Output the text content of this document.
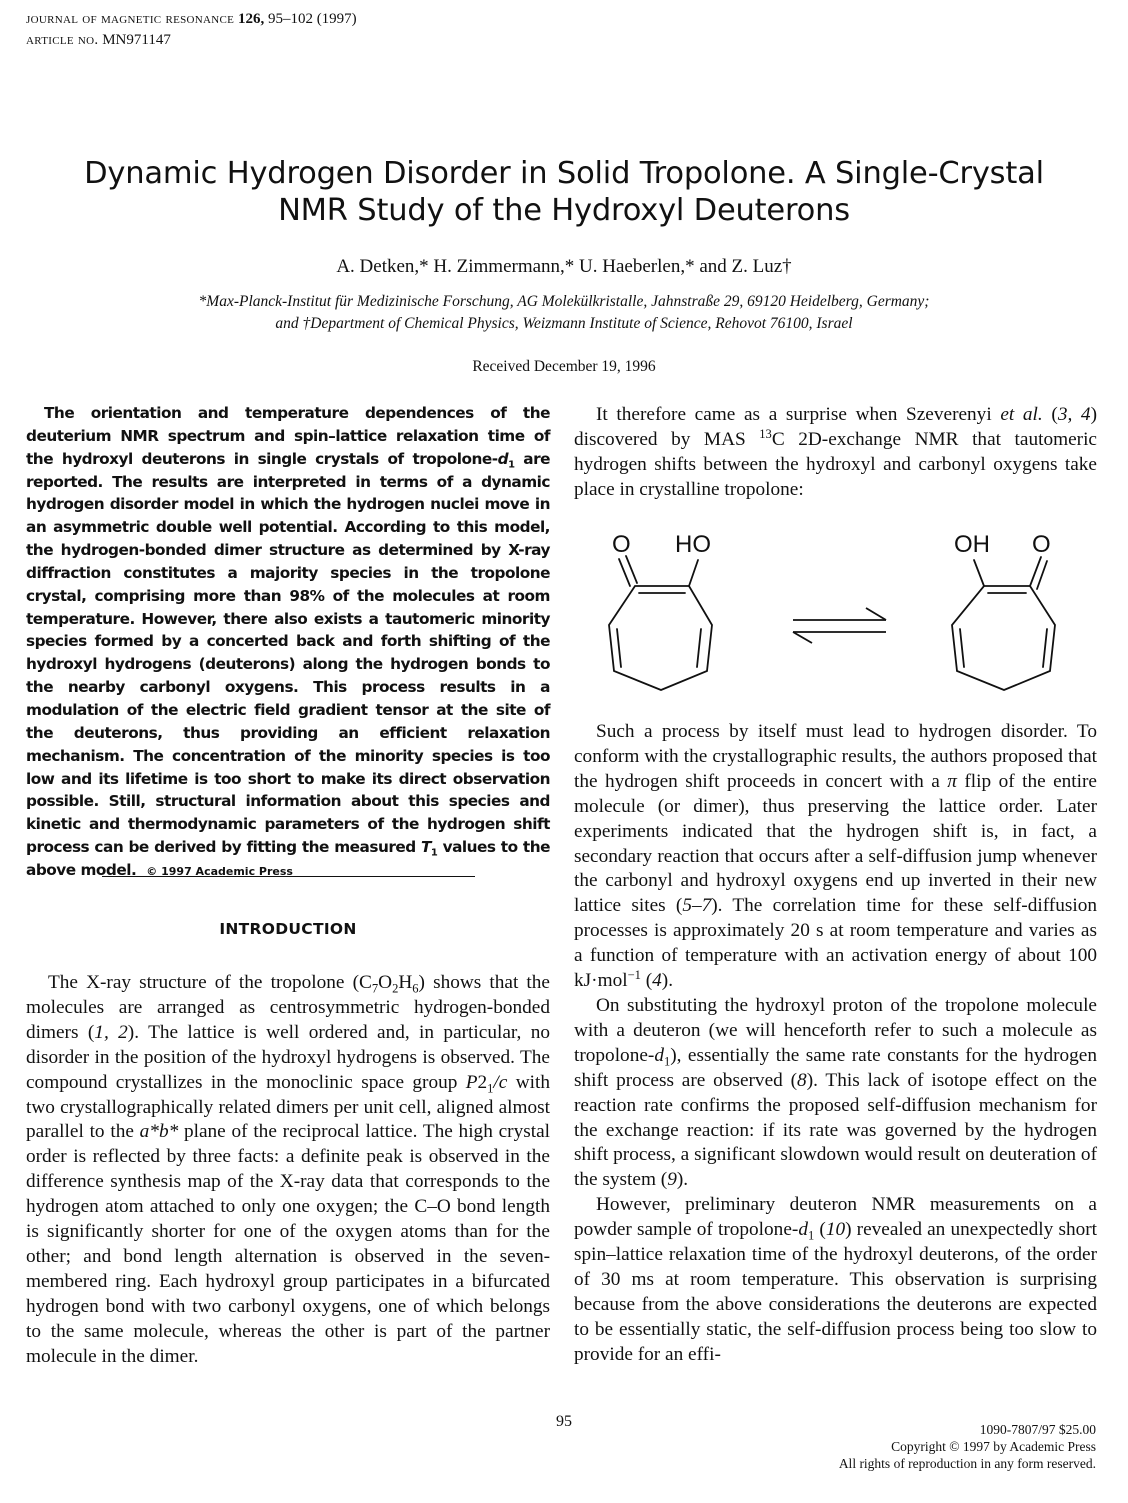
journal of magnetic resonance 126, 95–102 (1997)
article no. MN971147
Dynamic Hydrogen Disorder in Solid Tropolone. A Single-Crystal
NMR Study of the Hydroxyl Deuterons
A. Detken,* H. Zimmermann,* U. Haeberlen,* and Z. Luz†
*Max-Planck-Institut für Medizinische Forschung, AG Molekülkristalle, Jahnstraße 29, 69120 Heidelberg, Germany;
and †Department of Chemical Physics, Weizmann Institute of Science, Rehovot 76100, Israel
Received December 19, 1996
The orientation and temperature dependences of the deuterium NMR spectrum and spin–lattice relaxation time of the hydroxyl deuterons in single crystals of tropolone-$d_1$ are reported. The results are interpreted in terms of a dynamic hydrogen disorder model in which the hydrogen nuclei move in an asymmetric double well potential. According to this model, the hydrogen-bonded dimer structure as determined by X-ray diffraction constitutes a majority species in the tropolone crystal, comprising more than 98% of the molecules at room temperature. However, there also exists a tautomeric minority species formed by a concerted back and forth shifting of the hydroxyl hydrogens (deuterons) along the hydrogen bonds to the nearby carbonyl oxygens. This process results in a modulation of the electric field gradient tensor at the site of the deuterons, thus providing an efficient relaxation mechanism. The concentration of the minority species is too low and its lifetime is too short to make its direct observation possible. Still, structural information about this species and kinetic and thermodynamic parameters of the hydrogen shift process can be derived by fitting the measured $T_1$ values to the above model. © 1997 Academic Press
INTRODUCTION

The X-ray structure of the tropolone $(C_7O_2H_6)$ shows that the molecules are arranged as centrosymmetric hydrogen-bonded dimers (1, 2). The lattice is well ordered and, in particular, no disorder in the position of the hydroxyl hydrogens is observed. The compound crystallizes in the monoclinic space group $P2_1/c$ with two crystallographically related dimers per unit cell, aligned almost parallel to the a*b* plane of the reciprocal lattice. The high crystal order is reflected by three facts: a definite peak is observed in the difference synthesis map of the X-ray data that corresponds to the hydrogen atom attached to only one oxygen; the C–O bond length is significantly shorter for one of the oxygen atoms than for the other; and bond length alternation is observed in the seven-membered ring. Each hydroxyl group participates in a bifurcated hydrogen bond with two carbonyl oxygens, one of which belongs to the same molecule, whereas the other is part of the partner molecule in the dimer.

It therefore came as a surprise when Szeverenyi et al. (3, 4) discovered by MAS $^{13}$C 2D-exchange NMR that tautomeric hydrogen shifts between the hydroxyl and carbonyl oxygens take place in crystalline tropolone:

O HO	OH O

Such a process by itself must lead to hydrogen disorder. To conform with the crystallographic results, the authors proposed that the hydrogen shift proceeds in concert with a π flip of the entire molecule (or dimer), thus preserving the lattice order. Later experiments indicated that the hydrogen shift is, in fact, a secondary reaction that occurs after a self-diffusion jump whenever the carbonyl and hydroxyl oxygens end up inverted in their new lattice sites (5–7). The correlation time for these self-diffusion processes is approximately 20 s at room temperature and varies as a function of temperature with an activation energy of about 100 kJ·mol$^{-1}$ (4).

On substituting the hydroxyl proton of the tropolone molecule with a deuteron (we will henceforth refer to such a molecule as tropolone-$d_1$), essentially the same rate constants for the hydrogen shift process are observed (8). This lack of isotope effect on the reaction rate confirms the proposed self-diffusion mechanism for the exchange reaction: if its rate was governed by the hydrogen shift process, a significant slowdown would result on deuteration of the system (9).

However, preliminary deuteron NMR measurements on a powder sample of tropolone-$d_1$ (10) revealed an unexpectedly short spin–lattice relaxation time of the hydroxyl deuterons, of the order of 30 ms at room temperature. This observation is surprising because from the above considerations the deuterons are expected to be essentially static, the self-diffusion process being too slow to provide for an effi-

95	1090-7807/97 $25.00
Copyright © 1997 by Academic Press
All rights of reproduction in any form reserved.
